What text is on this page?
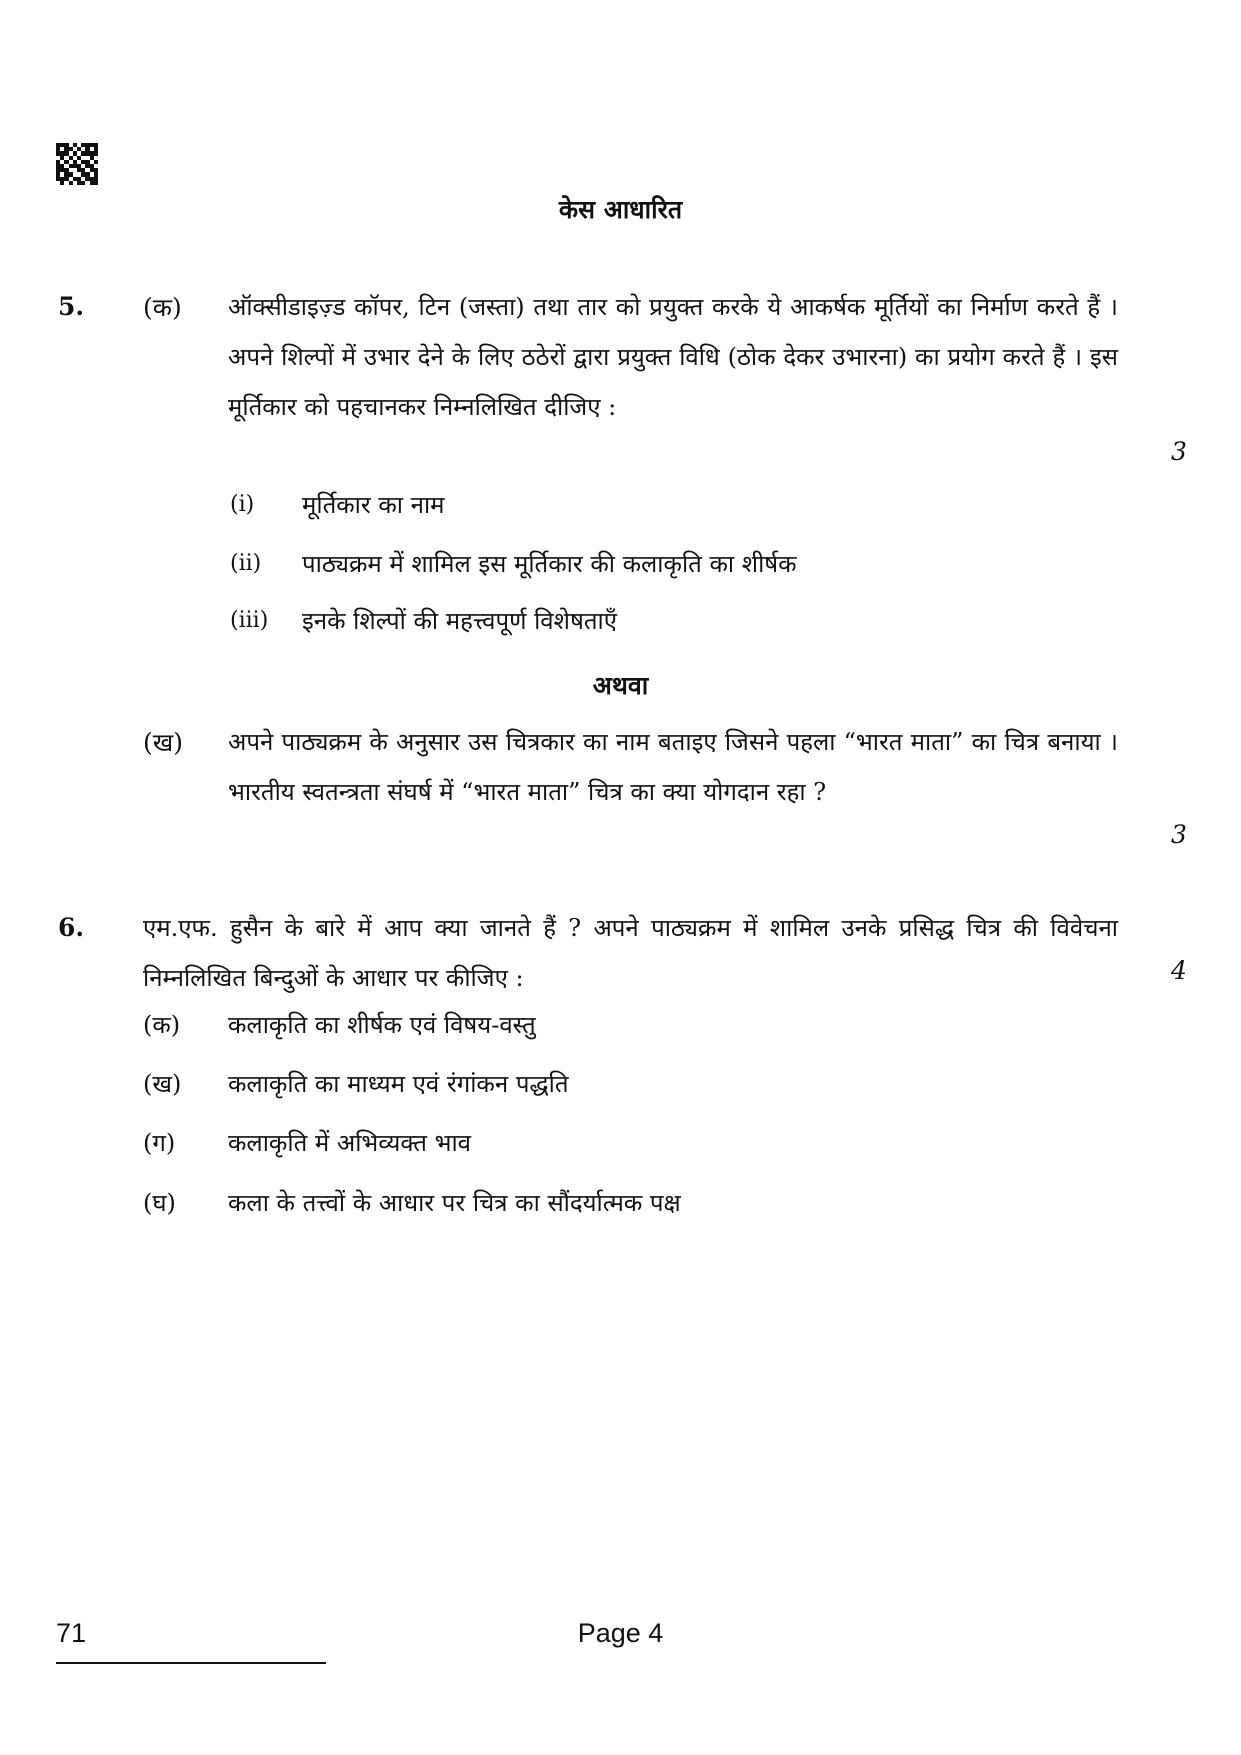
केस आधारित
5. (क) ऑक्सीडाइज़्ड कॉपर, टिन (जस्ता) तथा तार को प्रयुक्त करके ये आकर्षक मूर्तियों का निर्माण करते हैं । अपने शिल्पों में उभार देने के लिए ठठेरों द्वारा प्रयुक्त विधि (ठोक देकर उभारना) का प्रयोग करते हैं । इस मूर्तिकार को पहचानकर निम्नलिखित दीजिए :
3
(i) मूर्तिकार का नाम
(ii) पाठ्यक्रम में शामिल इस मूर्तिकार की कलाकृति का शीर्षक
(iii) इनके शिल्पों की महत्त्वपूर्ण विशेषताएँ
अथवा
(ख) अपने पाठ्यक्रम के अनुसार उस चित्रकार का नाम बताइए जिसने पहला “भारत माता” का चित्र बनाया । भारतीय स्वतन्त्रता संघर्ष में “भारत माता” चित्र का क्या योगदान रहा ?
3
6. एम.एफ. हुसैन के बारे में आप क्या जानते हैं ? अपने पाठ्यक्रम में शामिल उनके प्रसिद्ध चित्र की विवेचना निम्नलिखित बिन्दुओं के आधार पर कीजिए :	4
(क) कलाकृति का शीर्षक एवं विषय-वस्तु
(ख) कलाकृति का माध्यम एवं रंगांकन पद्धति
(ग) कलाकृति में अभिव्यक्त भाव
(घ) कला के तत्त्वों के आधार पर चित्र का सौंदर्यात्मक पक्ष
71	Page 4
